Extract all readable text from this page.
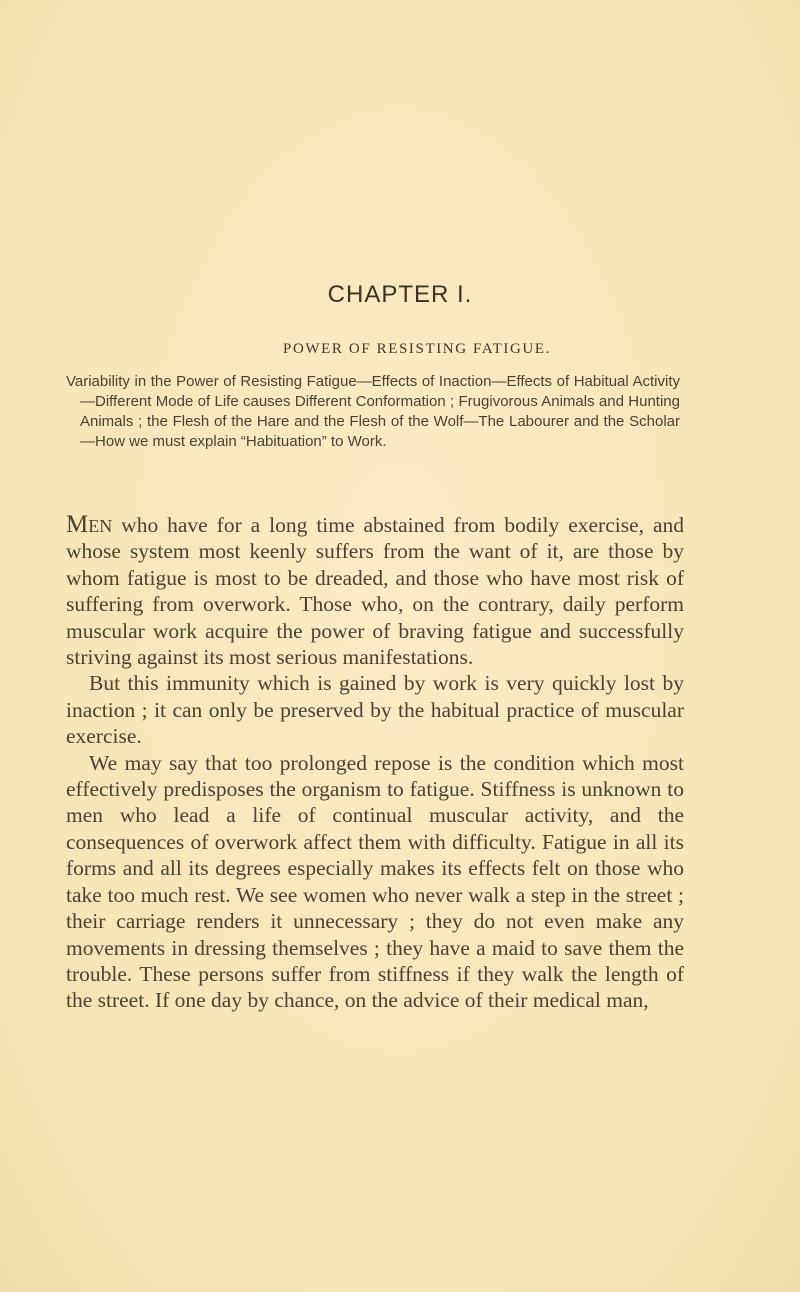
CHAPTER I.
POWER OF RESISTING FATIGUE.
Variability in the Power of Resisting Fatigue—Effects of Inaction—Effects of Habitual Activity—Different Mode of Life causes Different Conformation ; Frugivorous Animals and Hunting Animals ; the Flesh of the Hare and the Flesh of the Wolf—The Labourer and the Scholar—How we must explain “Habituation” to Work.

Men who have for a long time abstained from bodily exercise, and whose system most keenly suffers from the want of it, are those by whom fatigue is most to be dreaded, and those who have most risk of suffering from overwork. Those who, on the contrary, daily perform muscular work acquire the power of braving fatigue and successfully striving against its most serious manifestations.

But this immunity which is gained by work is very quickly lost by inaction ; it can only be preserved by the habitual practice of muscular exercise.

We may say that too prolonged repose is the condition which most effectively predisposes the organism to fatigue. Stiffness is unknown to men who lead a life of continual muscular activity, and the consequences of overwork affect them with difficulty. Fatigue in all its forms and all its degrees especially makes its effects felt on those who take too much rest. We see women who never walk a step in the street ; their carriage renders it unnecessary ; they do not even make any movements in dressing themselves ; they have a maid to save them the trouble. These persons suffer from stiffness if they walk the length of the street. If one day by chance, on the advice of their medical man,
